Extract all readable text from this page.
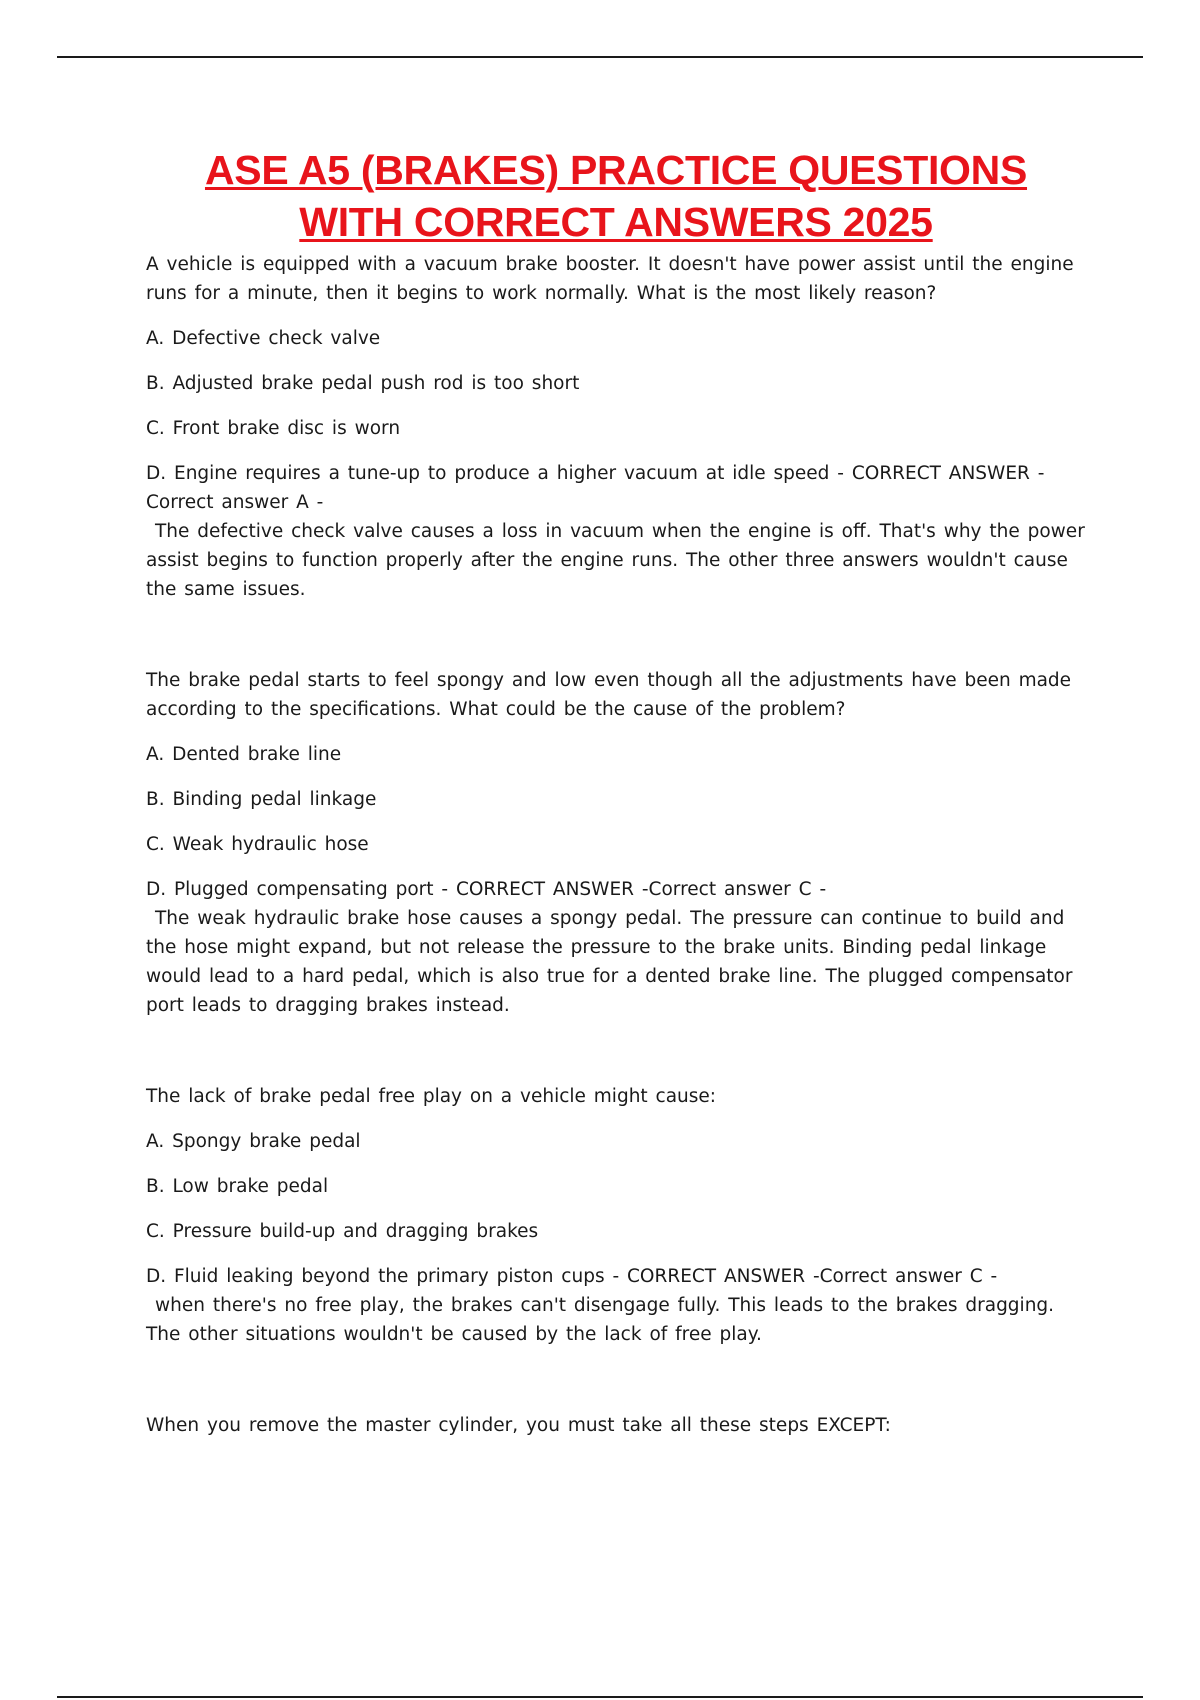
ASE A5 (BRAKES) PRACTICE QUESTIONS
WITH CORRECT ANSWERS 2025

A vehicle is equipped with a vacuum brake booster. It doesn't have power assist until the engine runs for a minute, then it begins to work normally. What is the most likely reason?

A. Defective check valve

B. Adjusted brake pedal push rod is too short

C. Front brake disc is worn

D. Engine requires a tune-up to produce a higher vacuum at idle speed - CORRECT ANSWER -Correct answer A -

The defective check valve causes a loss in vacuum when the engine is off. That's why the power assist begins to function properly after the engine runs. The other three answers wouldn't cause the same issues.

The brake pedal starts to feel spongy and low even though all the adjustments have been made according to the specifications. What could be the cause of the problem?

A. Dented brake line

B. Binding pedal linkage

C. Weak hydraulic hose

D. Plugged compensating port - CORRECT ANSWER -Correct answer C -

The weak hydraulic brake hose causes a spongy pedal. The pressure can continue to build and the hose might expand, but not release the pressure to the brake units. Binding pedal linkage would lead to a hard pedal, which is also true for a dented brake line. The plugged compensator port leads to dragging brakes instead.

The lack of brake pedal free play on a vehicle might cause:

A. Spongy brake pedal

B. Low brake pedal

C. Pressure build-up and dragging brakes

D. Fluid leaking beyond the primary piston cups - CORRECT ANSWER -Correct answer C -

when there's no free play, the brakes can't disengage fully. This leads to the brakes dragging. The other situations wouldn't be caused by the lack of free play.

When you remove the master cylinder, you must take all these steps EXCEPT:
